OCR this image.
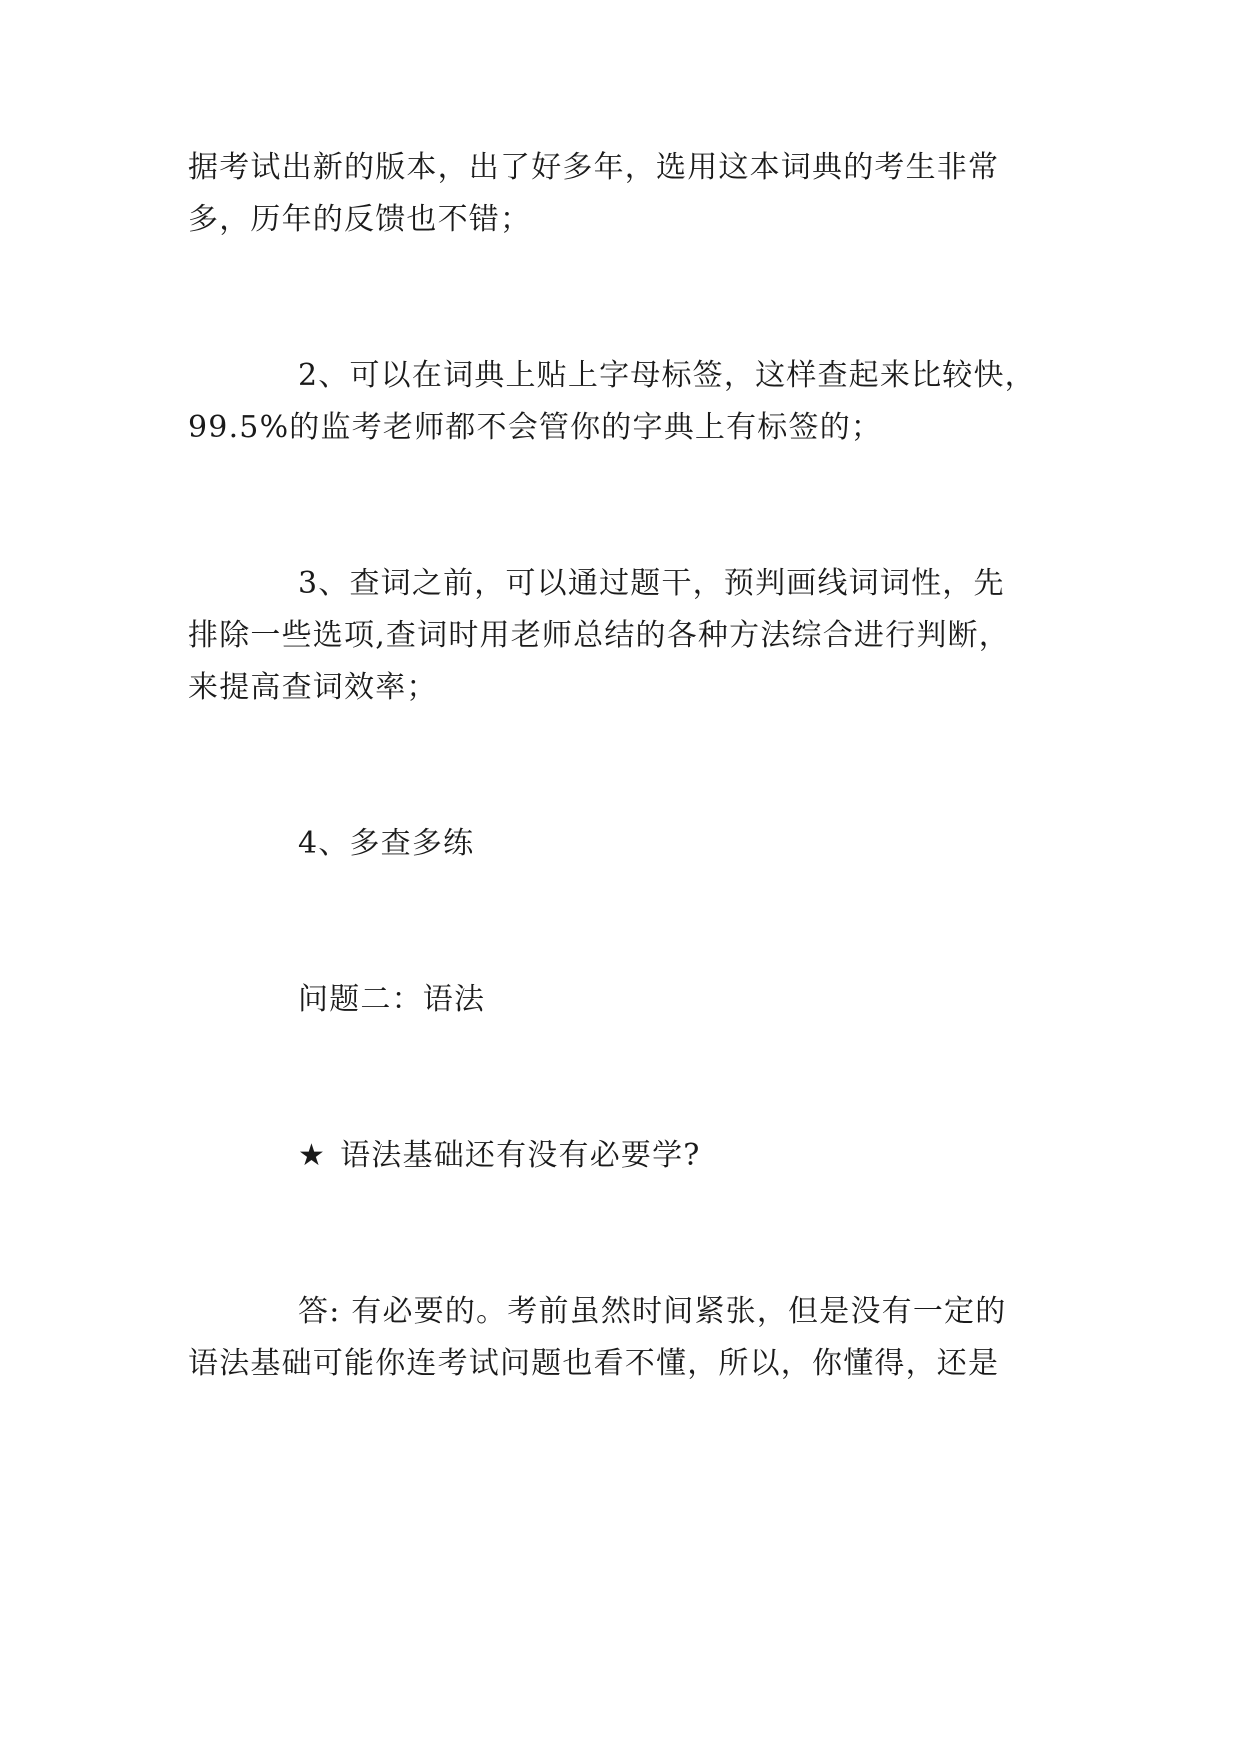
据考试出新的版本，出了好多年，选用这本词典的考生非常
多，历年的反馈也不错；
2、可以在词典上贴上字母标签，这样查起来比较快，
99.5%的监考老师都不会管你的字典上有标签的；
3、查词之前，可以通过题干，预判画线词词性，先
排除一些选项,查词时用老师总结的各种方法综合进行判断，
来提高查词效率；
4、多查多练
问题二：语法
★ 语法基础还有没有必要学?
答: 有必要的。考前虽然时间紧张，但是没有一定的
语法基础可能你连考试问题也看不懂，所以，你懂得，还是
